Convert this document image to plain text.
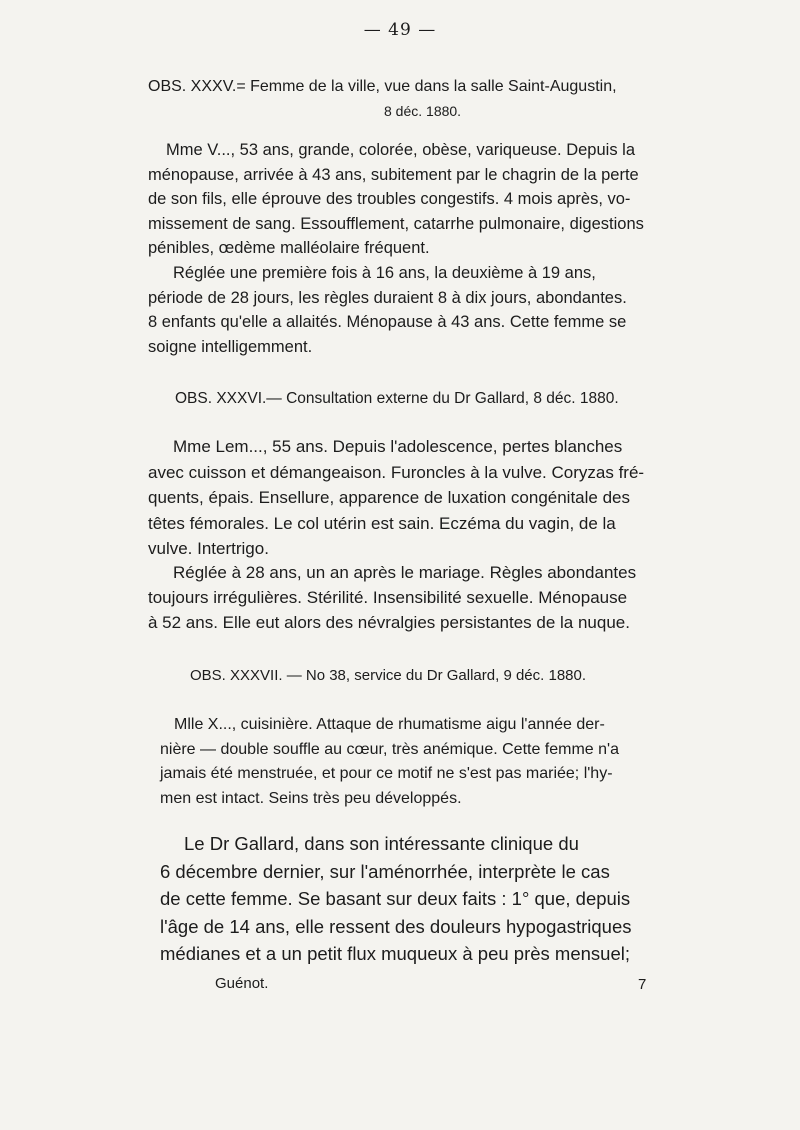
— 49 —
OBS. XXXV.= Femme de la ville, vue dans la salle Saint-Augustin,
8 déc. 1880.
Mme V..., 53 ans, grande, colorée, obèse, variqueuse. Depuis la
ménopause, arrivée à 43 ans, subitement par le chagrin de la perte
de son fils, elle éprouve des troubles congestifs. 4 mois après, vo-
missement de sang. Essoufflement, catarrhe pulmonaire, digestions
pénibles, œdème malléolaire fréquent.
Réglée une première fois à 16 ans, la deuxième à 19 ans,
période de 28 jours, les règles duraient 8 à dix jours, abondantes.
8 enfants qu'elle a allaités. Ménopause à 43 ans. Cette femme se
soigne intelligemment.
OBS. XXXVI.— Consultation externe du Dr Gallard, 8 déc. 1880.
Mme Lem..., 55 ans. Depuis l'adolescence, pertes blanches
avec cuisson et démangeaison. Furoncles à la vulve. Coryzas fré-
quents, épais. Ensellure, apparence de luxation congénitale des
têtes fémorales. Le col utérin est sain. Eczéma du vagin, de la
vulve. Intertrigo.
Réglée à 28 ans, un an après le mariage. Règles abondantes
toujours irrégulières. Stérilité. Insensibilité sexuelle. Ménopause
à 52 ans. Elle eut alors des névralgies persistantes de la nuque.
OBS. XXXVII. — No 38, service du Dr Gallard, 9 déc. 1880.
Mlle X..., cuisinière. Attaque de rhumatisme aigu l'année der-
nière — double souffle au cœur, très anémique. Cette femme n'a
jamais été menstruée, et pour ce motif ne s'est pas mariée; l'hy-
men est intact. Seins très peu développés.
Le Dr Gallard, dans son intéressante clinique du
6 décembre dernier, sur l'aménorrhée, interprète le cas
de cette femme. Se basant sur deux faits : 1° que, depuis
l'âge de 14 ans, elle ressent des douleurs hypogastriques
médianes et a un petit flux muqueux à peu près mensuel;
Guénot.	7
